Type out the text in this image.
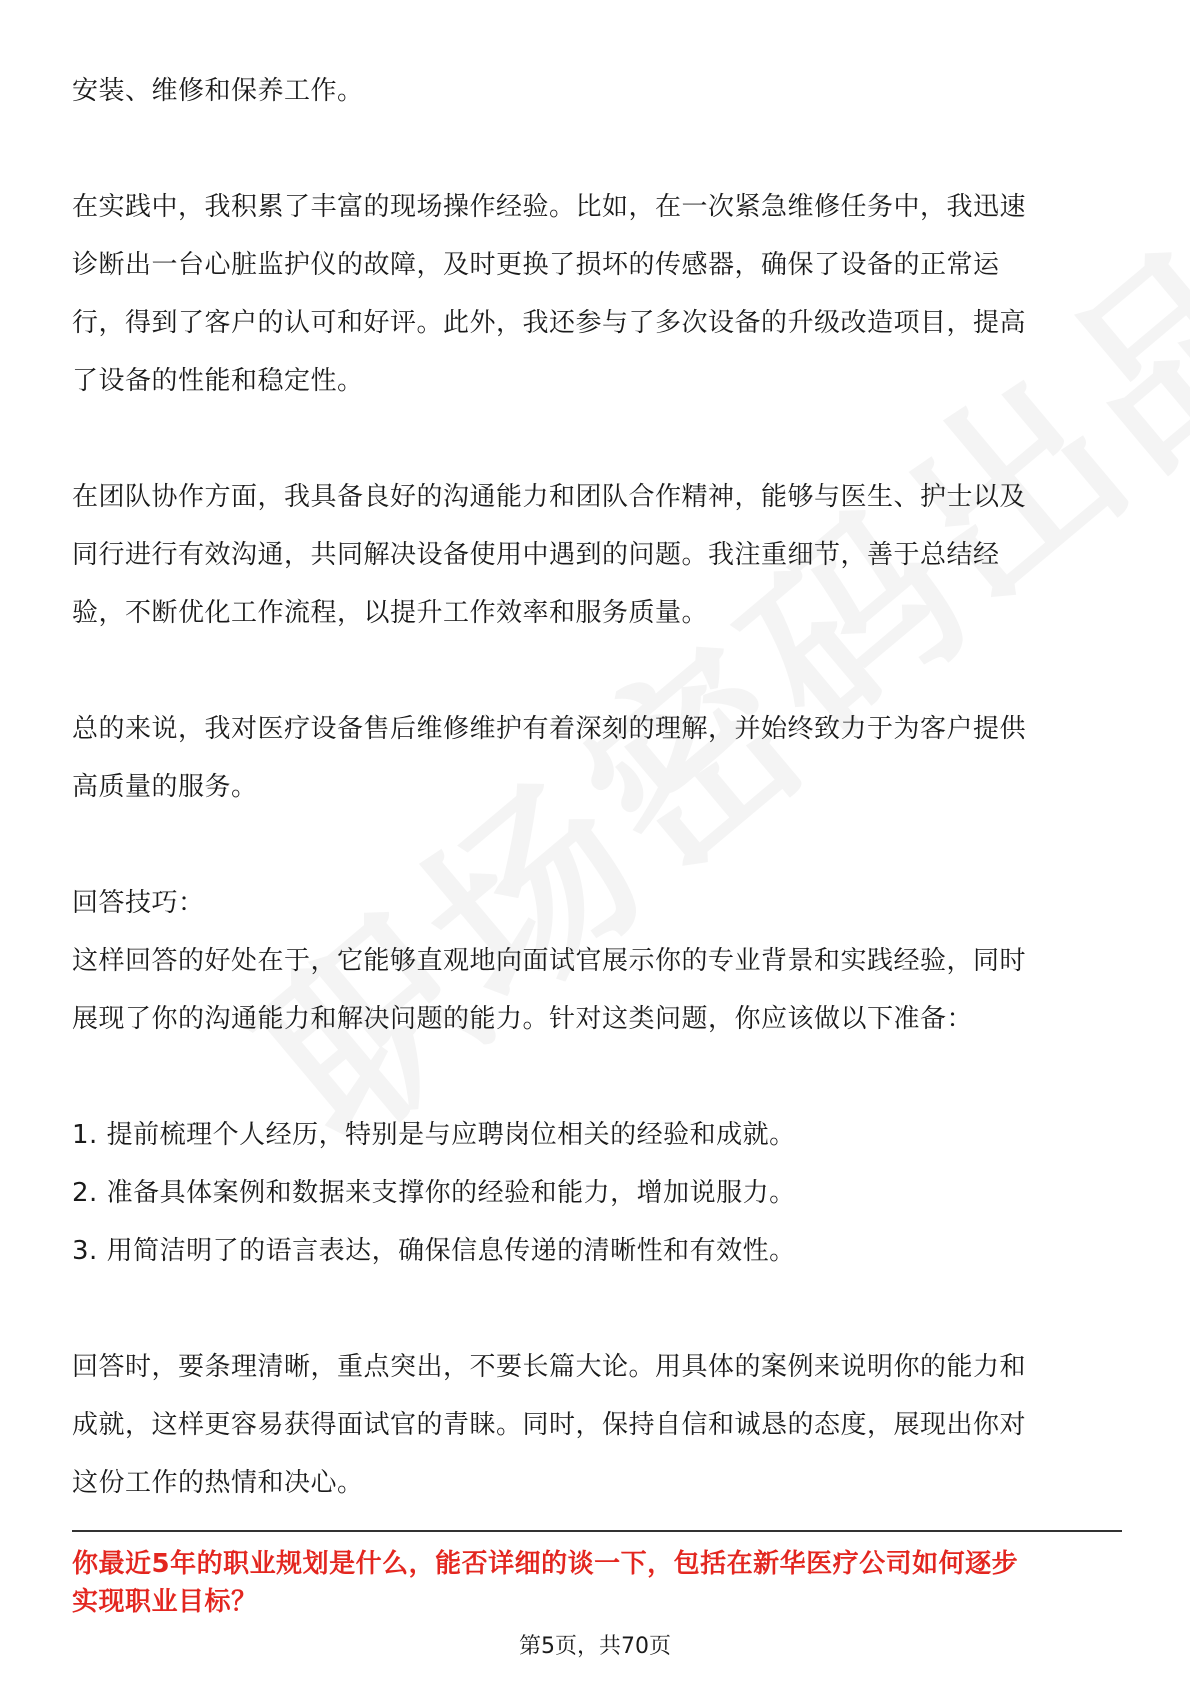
安装、维修和保养工作。

在实践中，我积累了丰富的现场操作经验。比如，在一次紧急维修任务中，我迅速

诊断出一台心脏监护仪的故障，及时更换了损坏的传感器，确保了设备的正常运

行，得到了客户的认可和好评。此外，我还参与了多次设备的升级改造项目，提高

了设备的性能和稳定性。

在团队协作方面，我具备良好的沟通能力和团队合作精神，能够与医生、护士以及

同行进行有效沟通，共同解决设备使用中遇到的问题。我注重细节，善于总结经

验，不断优化工作流程，以提升工作效率和服务质量。

总的来说，我对医疗设备售后维修维护有着深刻的理解，并始终致力于为客户提供

高质量的服务。

回答技巧：

这样回答的好处在于，它能够直观地向面试官展示你的专业背景和实践经验，同时

展现了你的沟通能力和解决问题的能力。针对这类问题，你应该做以下准备：

1. 提前梳理个人经历，特别是与应聘岗位相关的经验和成就。

2. 准备具体案例和数据来支撑你的经验和能力，增加说服力。

3. 用简洁明了的语言表达，确保信息传递的清晰性和有效性。

回答时，要条理清晰，重点突出，不要长篇大论。用具体的案例来说明你的能力和

成就，这样更容易获得面试官的青睐。同时，保持自信和诚恳的态度，展现出你对

这份工作的热情和决心。

你最近5年的职业规划是什么，能否详细的谈一下，包括在新华医疗公司如何逐步
实现职业目标？
第5页，共70页
